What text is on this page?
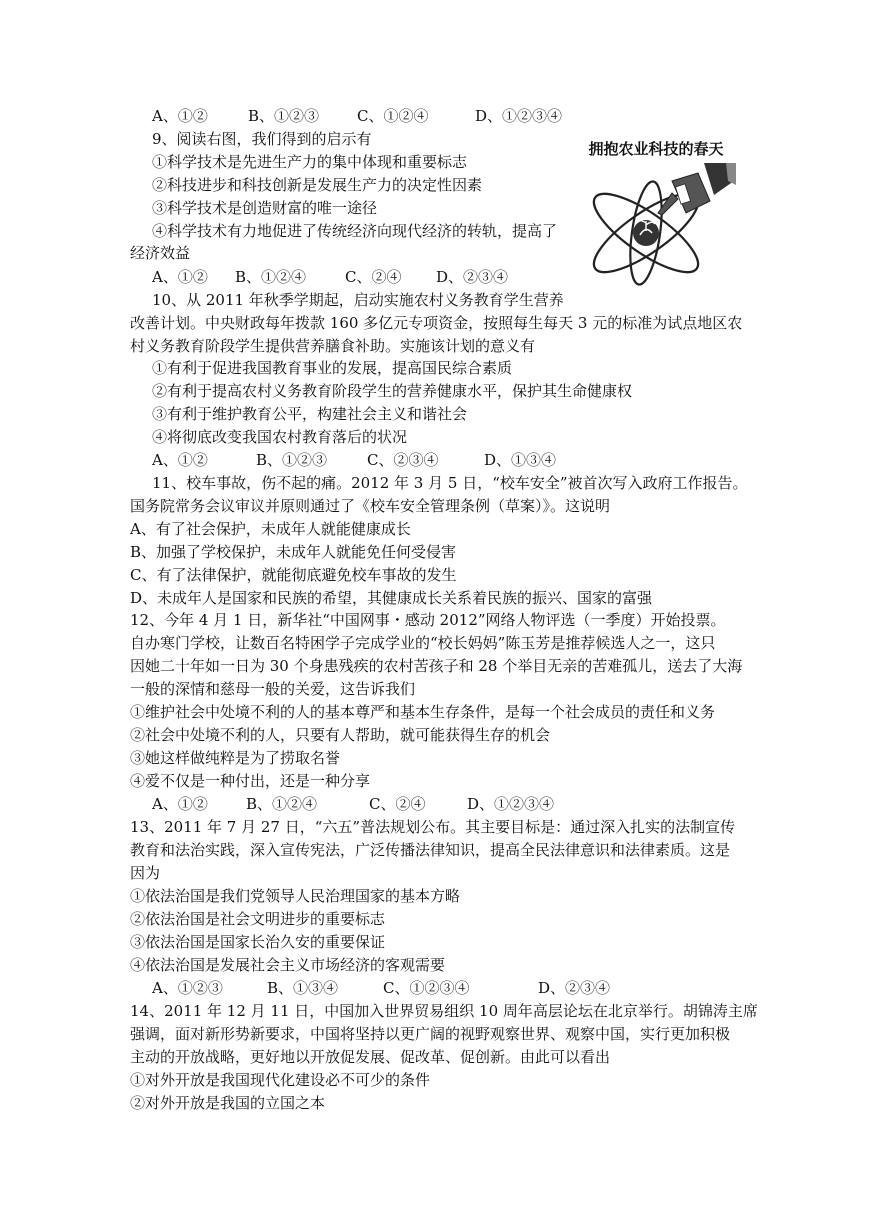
A、①②	B、①②③	C、①②④	D、①②③④
9、阅读右图，我们得到的启示有
①科学技术是先进生产力的集中体现和重要标志
②科技进步和科技创新是发展生产力的决定性因素
③科学技术是创造财富的唯一途径
④科学技术有力地促进了传统经济向现代经济的转轨，提高了
经济效益
A、①② B、①②④	C、②④ D、②③④
拥抱农业科技的春天
10、从 2011 年秋季学期起，启动实施农村义务教育学生营养
改善计划。中央财政每年拨款 160 多亿元专项资金，按照每生每天 3 元的标准为试点地区农
村义务教育阶段学生提供营养膳食补助。实施该计划的意义有
①有利于促进我国教育事业的发展，提高国民综合素质
②有利于提高农村义务教育阶段学生的营养健康水平，保护其生命健康权
③有利于维护教育公平，构建社会主义和谐社会
④将彻底改变我国农村教育落后的状况
A、①②	B、①②③	C、②③④	D、①③④
11、校车事故，伤不起的痛。2012 年 3 月 5 日，“校车安全”被首次写入政府工作报告。
国务院常务会议审议并原则通过了《校车安全管理条例（草案）》。这说明
A、有了社会保护，未成年人就能健康成长
B、加强了学校保护，未成年人就能免任何受侵害
C、有了法律保护，就能彻底避免校车事故的发生
D、未成年人是国家和民族的希望，其健康成长关系着民族的振兴、国家的富强
12、今年 4 月 1 日，新华社“中国网事・感动 2012”网络人物评选（一季度）开始投票。
自办寒门学校，让数百名特困学子完成学业的“校长妈妈”陈玉芳是推荐候选人之一，这只
因她二十年如一日为 30 个身患残疾的农村苦孩子和 28 个举目无亲的苦难孤儿，送去了大海
一般的深情和慈母一般的关爱，这告诉我们
①维护社会中处境不利的人的基本尊严和基本生存条件，是每一个社会成员的责任和义务
②社会中处境不利的人，只要有人帮助，就可能获得生存的机会
③她这样做纯粹是为了捞取名誉
④爱不仅是一种付出，还是一种分享
A、①②	B、①②④	C、②④	D、①②③④
13、2011 年 7 月 27 日，“六五”普法规划公布。其主要目标是：通过深入扎实的法制宣传
教育和法治实践，深入宣传宪法，广泛传播法律知识，提高全民法律意识和法律素质。这是
因为
①依法治国是我们党领导人民治理国家的基本方略
②依法治国是社会文明进步的重要标志
③依法治国是国家长治久安的重要保证
④依法治国是发展社会主义市场经济的客观需要
A、①②③	B、①③④	C、①②③④	D、②③④
14、2011 年 12 月 11 日，中国加入世界贸易组织 10 周年高层论坛在北京举行。胡锦涛主席
强调，面对新形势新要求，中国将坚持以更广阔的视野观察世界、观察中国，实行更加积极
主动的开放战略，更好地以开放促发展、促改革、促创新。由此可以看出
①对外开放是我国现代化建设必不可少的条件
②对外开放是我国的立国之本
